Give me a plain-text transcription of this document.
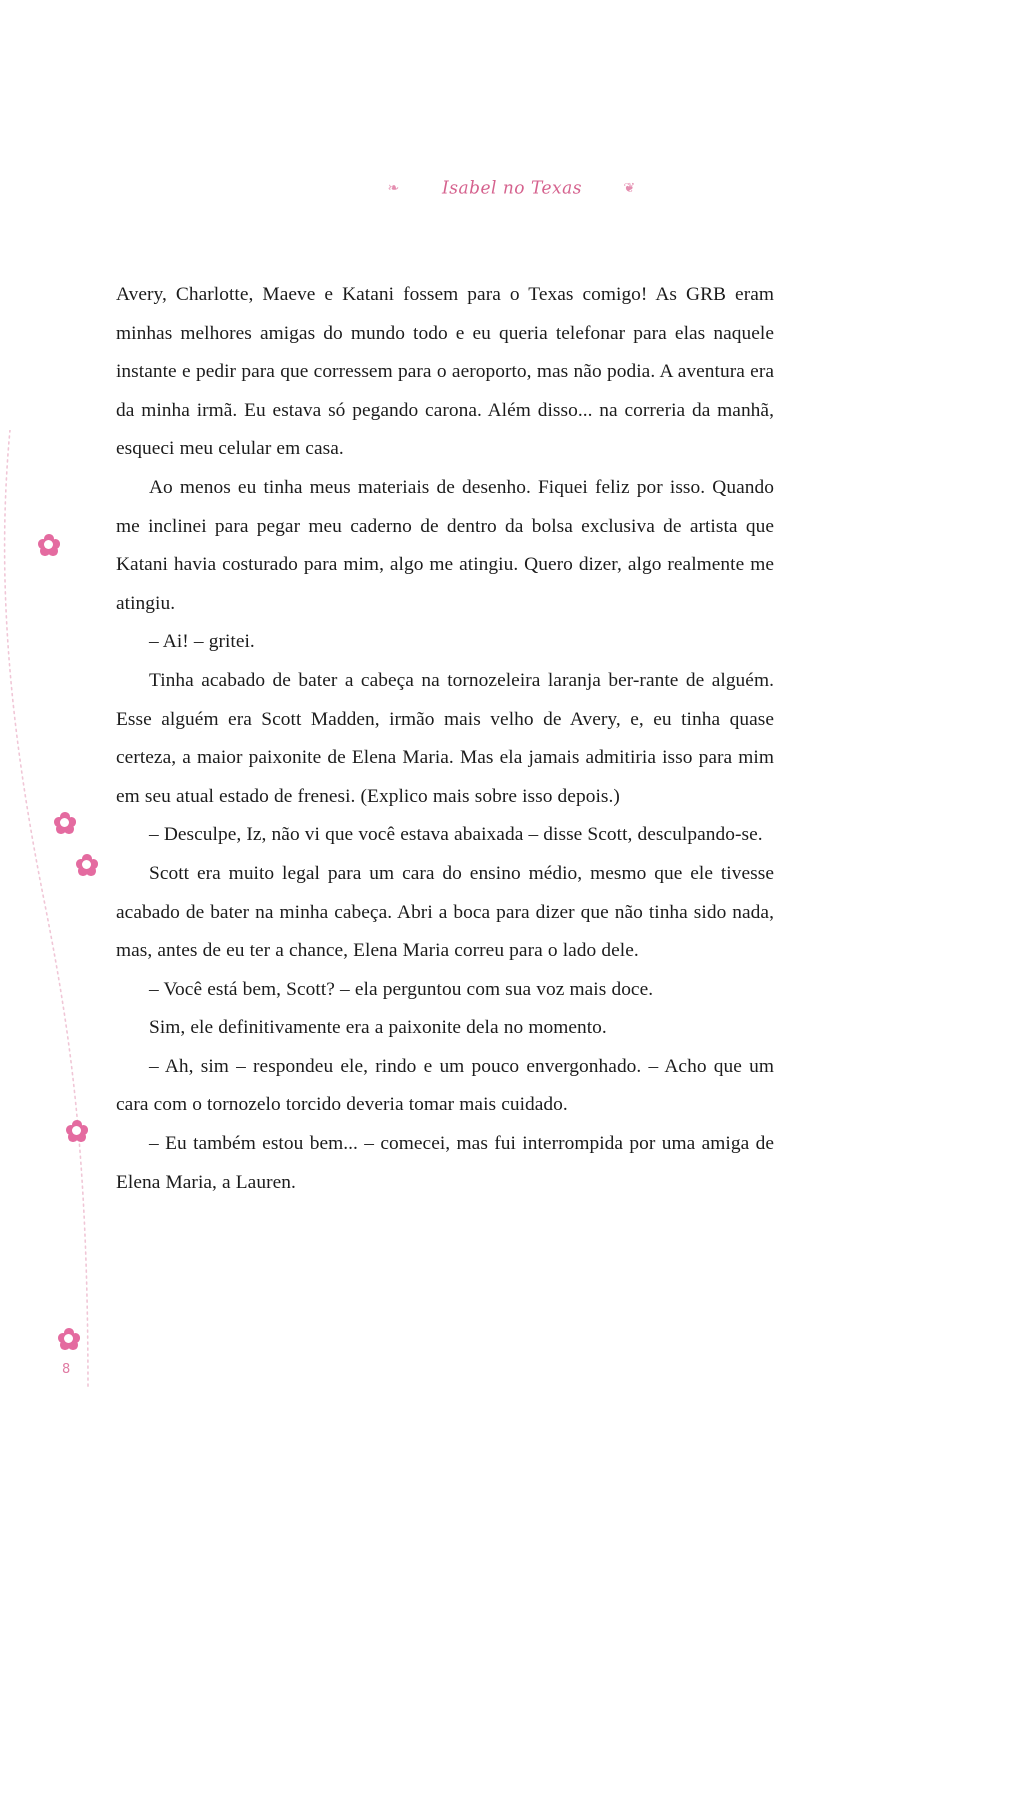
❧ Isabel no Texas	❦

Avery, Charlotte, Maeve e Katani fossem para o Texas comigo! As GRB eram minhas melhores amigas do mundo todo e eu queria telefonar para elas naquele instante e pedir para que corressem para o aeroporto, mas não podia. A aventura era da minha irmã. Eu estava só pegando carona. Além disso... na correria da manhã, esqueci meu celular em casa.

Ao menos eu tinha meus materiais de desenho. Fiquei feliz por isso. Quando me inclinei para pegar meu caderno de dentro da bolsa exclusiva de artista que Katani havia costurado para mim, algo me atingiu. Quero dizer, algo realmente me atingiu.

– Ai! – gritei.

Tinha acabado de bater a cabeça na tornozeleira laranja ber-rante de alguém. Esse alguém era Scott Madden, irmão mais velho de Avery, e, eu tinha quase certeza, a maior paixonite de Elena Maria. Mas ela jamais admitiria isso para mim em seu atual estado de frenesi. (Explico mais sobre isso depois.)

– Desculpe, Iz, não vi que você estava abaixada – disse Scott, desculpando-se.

Scott era muito legal para um cara do ensino médio, mesmo que ele tivesse acabado de bater na minha cabeça. Abri a boca para dizer que não tinha sido nada, mas, antes de eu ter a chance, Elena Maria correu para o lado dele.

– Você está bem, Scott? – ela perguntou com sua voz mais doce.

Sim, ele definitivamente era a paixonite dela no momento.

– Ah, sim – respondeu ele, rindo e um pouco envergonhado. – Acho que um cara com o tornozelo torcido deveria tomar mais cuidado.

– Eu também estou bem... – comecei, mas fui interrompida por uma amiga de Elena Maria, a Lauren.

8
